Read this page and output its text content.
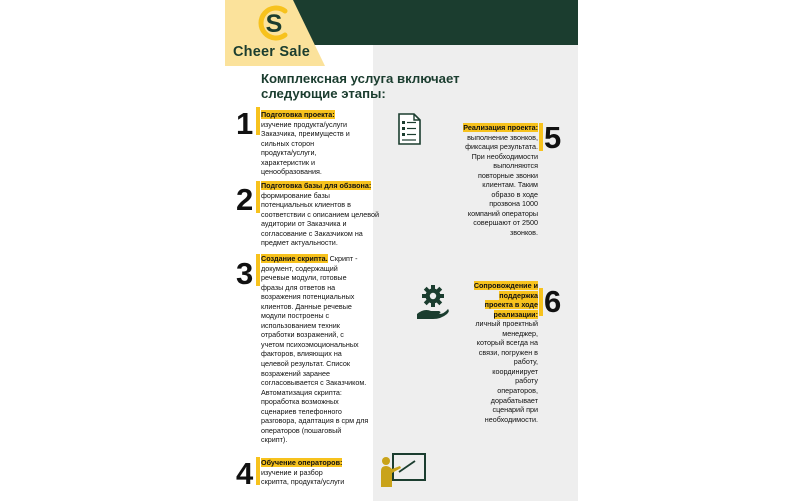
S
Cheer Sale
Комплексная услуга включает
следующие этапы:
1 Подготовка проекта:
изучение продукта/услуги
Заказчика, преимуществ и
сильных сторон
продукта/услуги,
характеристик и
ценообразования.
Реализация проекта:
выполнение звонков,
фиксация результата.
При необходимости
выполняются
повторные звонки
клиентам. Таким
образо в ходе
прозвона 1000
компаний операторы
совершают от 2500
звонков.
5
2 Подготовка базы для обзвона:
формирование базы
потенциальных клиентов в
соответствии с описанием целевой
аудитории от Заказчика и
согласование с Заказчиком на
предмет актуальности.
3 Создание скрипта. Скрипт -
документ, содержащий
речевые модули, готовые
фразы для ответов на
возражения потенциальных
клиентов. Данные речевые
модули построены с
использованием техник
отработки возражений, с
учетом психоэмоциональных
факторов, влияющих на
целевой результат. Список
возражений заранее
согласовывается с Заказчиком.
Автоматизация скрипта:
проработка возможных
сценариев телефонного
разговора, адаптация в срм для
операторов (пошаговый
скрипт).
Сопровождение и
поддержка
проекта в ходе
реализации:
личный проектный
менеджер,
который всегда на
связи, погружен в
работу,
координирует
работу
операторов,
дорабатывает
сценарий при
необходимости.
6
4 Обучение операторов:
изучение и разбор
скрипта, продукта/услуги
